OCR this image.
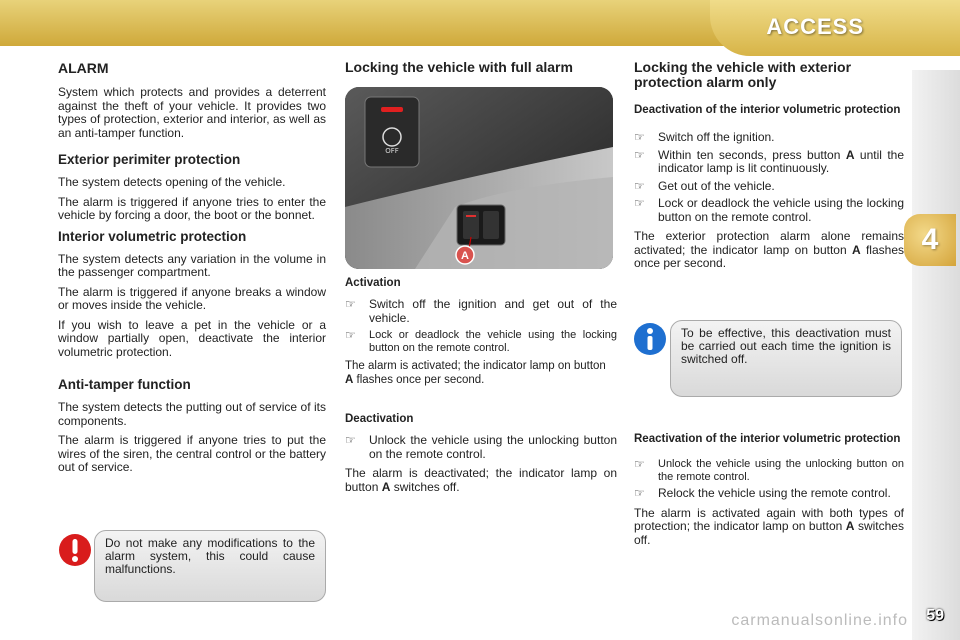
ACCESS
4
59
carmanualsonline.info
ALARM

System which protects and provides a deterrent against the theft of your vehicle. It provides two types of protection, exterior and interior, as well as an anti-tamper function.

Exterior perimiter protection

The system detects opening of the vehicle.

The alarm is triggered if anyone tries to enter the vehicle by forcing a door, the boot or the bonnet.

Interior volumetric protection

The system detects any variation in the volume in the passenger compartment.

The alarm is triggered if anyone breaks a window or moves inside the vehicle.

If you wish to leave a pet in the vehicle or a window partially open, deactivate the interior volumetric protection.

Anti-tamper function

The system detects the putting out of service of its components.

The alarm is triggered if anyone tries to put the wires of the siren, the central control or the battery out of service.

Do not make any modifications to the alarm system, this could cause malfunctions.
Locking the vehicle with full alarm
OFF
A
Activation
☞ Switch off the ignition and get out of the vehicle.
☞ Lock or deadlock the vehicle using the locking button on the remote control.

The alarm is activated; the indicator lamp on button A flashes once per second.

Deactivation
☞ Unlock the vehicle using the unlocking button on the remote control.

The alarm is deactivated; the indicator lamp on button A switches off.

Locking the vehicle with exterior protection alarm only
Deactivation of the interior volumetric protection
☞ Switch off the ignition.
☞ Within ten seconds, press button A until the indicator lamp is lit continuously.
☞ Get out of the vehicle.
☞ Lock or deadlock the vehicle using the locking button on the remote control.

The exterior protection alarm alone remains activated; the indicator lamp on button A flashes once per second.

To be effective, this deactivation must be carried out each time the ignition is switched off.
Reactivation of the interior volumetric protection
☞ Unlock the vehicle using the unlocking button on the remote control.
☞ Relock the vehicle using the remote control.

The alarm is activated again with both types of protection; the indicator lamp on button A switches off.
